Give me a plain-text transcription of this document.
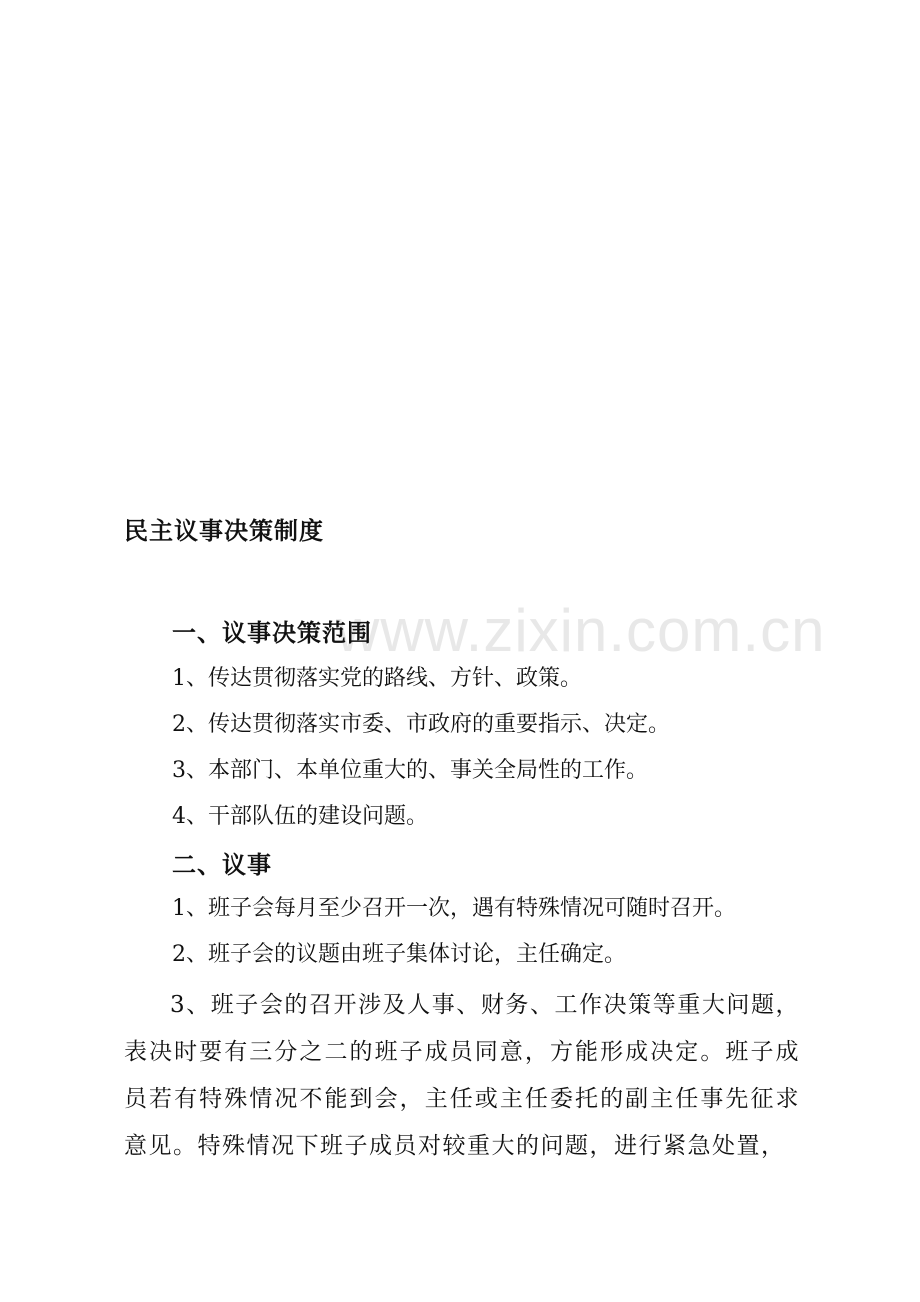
民主议事决策制度
www.zixin.com.cn
一、议事决策范围
1、传达贯彻落实党的路线、方针、政策。
2、传达贯彻落实市委、市政府的重要指示、决定。
3、本部门、本单位重大的、事关全局性的工作。
4、干部队伍的建设问题。
二、议事
1、班子会每月至少召开一次，遇有特殊情况可随时召开。
2、班子会的议题由班子集体讨论，主任确定。
3、班子会的召开涉及人事、财务、工作决策等重大问题，表决时要有三分之二的班子成员同意，方能形成决定。班子成员若有特殊情况不能到会，主任或主任委托的副主任事先征求意见。特殊情况下班子成员对较重大的问题，进行紧急处置，
